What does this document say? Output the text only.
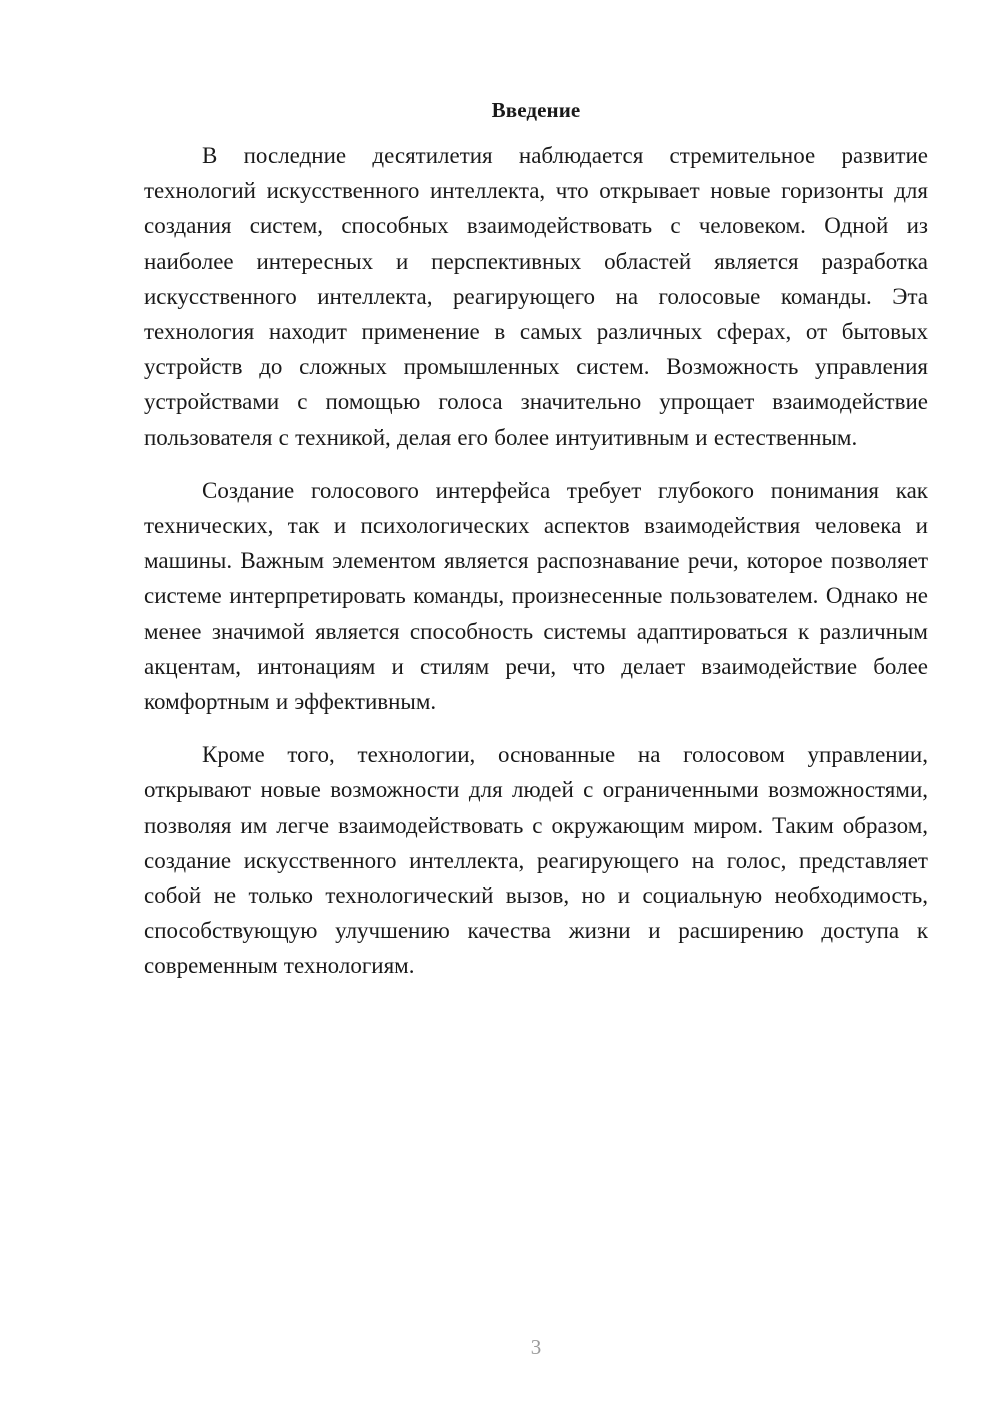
Введение

В последние десятилетия наблюдается стремительное развитие технологий искусственного интеллекта, что открывает новые горизонты для создания систем, способных взаимодействовать с человеком. Одной из наиболее интересных и перспективных областей является разработка искусственного интеллекта, реагирующего на голосовые команды. Эта технология находит применение в самых различных сферах, от бытовых устройств до сложных промышленных систем. Возможность управления устройствами с помощью голоса значительно упрощает взаимодействие пользователя с техникой, делая его более интуитивным и естественным.

Создание голосового интерфейса требует глубокого понимания как технических, так и психологических аспектов взаимодействия человека и машины. Важным элементом является распознавание речи, которое позволяет системе интерпретировать команды, произнесенные пользователем. Однако не менее значимой является способность системы адаптироваться к различным акцентам, интонациям и стилям речи, что делает взаимодействие более комфортным и эффективным.

Кроме того, технологии, основанные на голосовом управлении, открывают новые возможности для людей с ограниченными возможностями, позволяя им легче взаимодействовать с окружающим миром. Таким образом, создание искусственного интеллекта, реагирующего на голос, представляет собой не только технологический вызов, но и социальную необходимость, способствующую улучшению качества жизни и расширению доступа к современным технологиям.

3
